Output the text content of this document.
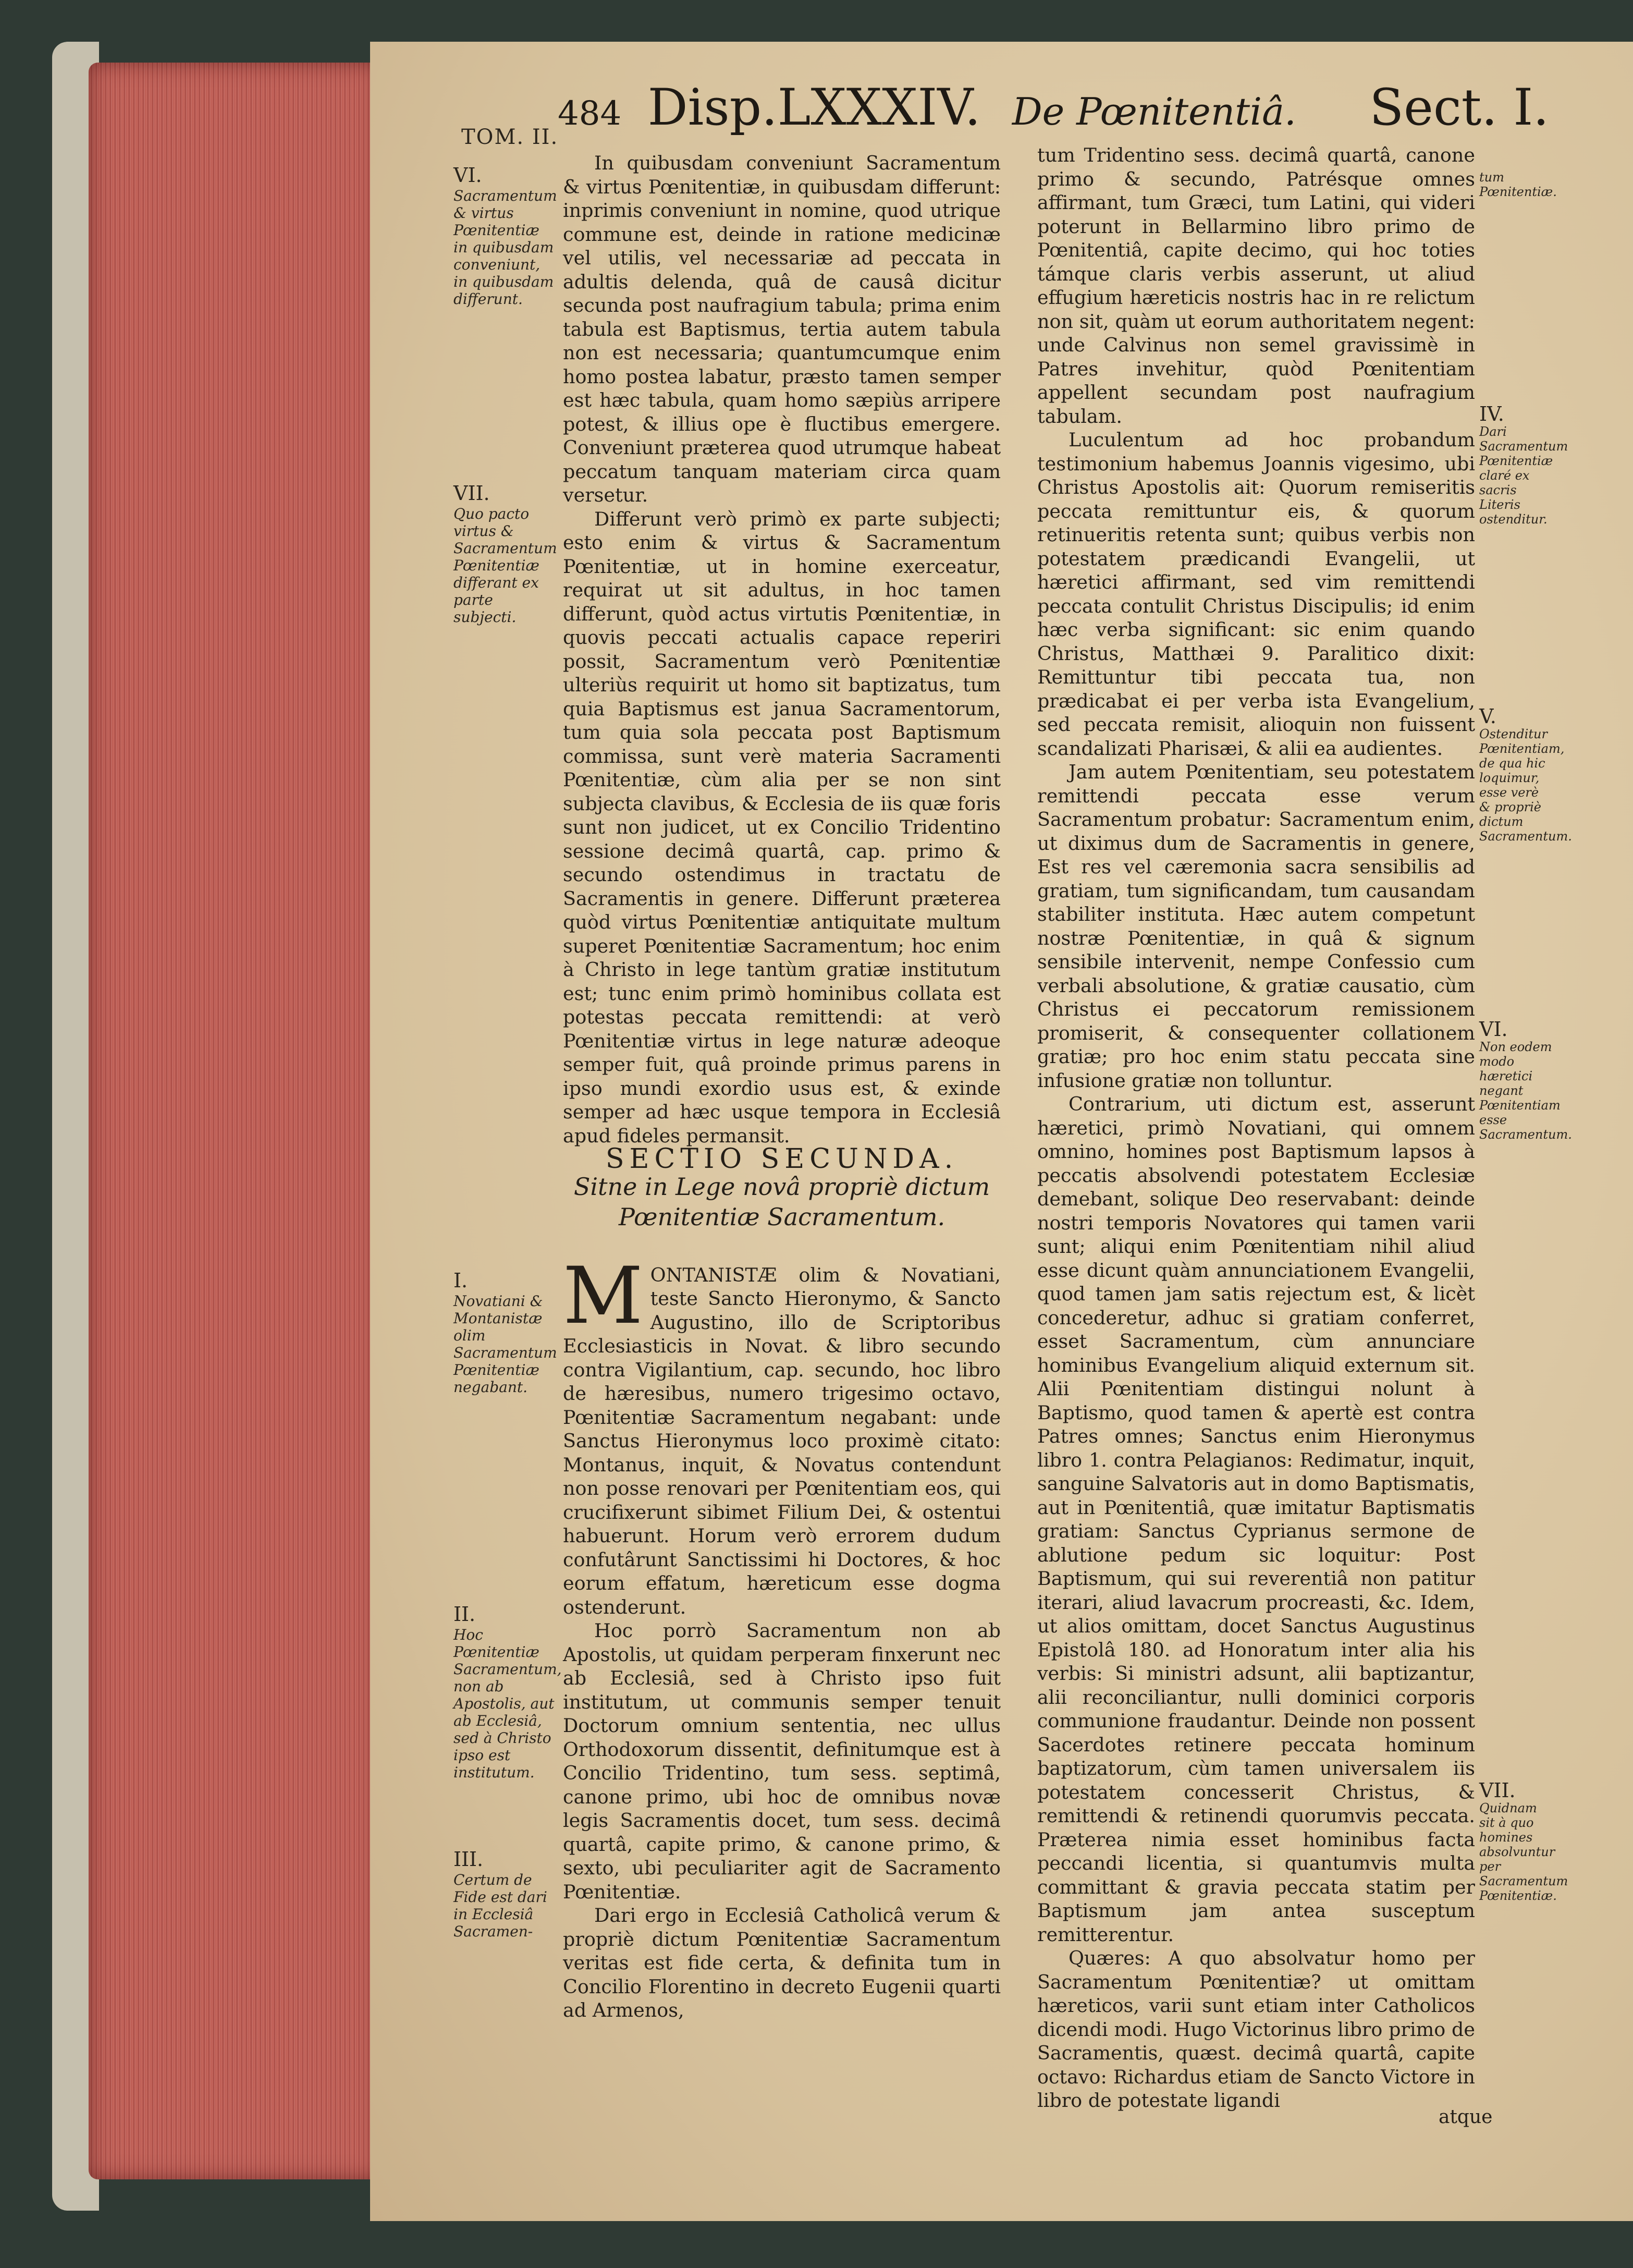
484 Disp.LXXXIV. De Pœnitentiâ. Sect. I.
TOM. II.
VI.
Sacramentum & virtus Pœnitentiæ in quibusdam conveniunt, in quibusdam differunt.
VII.
Quo pacto virtus & Sacramentum Pœnitentiæ differant ex parte subjecti.
I.
Novatiani & Montanistæ olim Sacramentum Pœnitentiæ negabant.
II.
Hoc Pœnitentiæ Sacramentum, non ab Apostolis, aut ab Ecclesiâ, sed à Christo ipso est institutum.
III.
Certum de Fide est dari in Ecclesiâ Sacramen-

In quibusdam conveniunt Sacramentum & virtus Pœnitentiæ, in quibusdam differunt: inprimis conveniunt in nomine, quod utrique commune est, deinde in ratione medicinæ vel utilis, vel necessariæ ad peccata in adultis delenda, quâ de causâ dicitur secunda post naufragium tabula; prima enim tabula est Baptismus, tertia autem tabula non est necessaria; quantumcumque enim homo postea labatur, præsto tamen semper est hæc tabula, quam homo sæpiùs arripere potest, & illius ope è fluctibus emergere. Conveniunt præterea quod utrumque habeat peccatum tanquam materiam circa quam versetur.

Differunt verò primò ex parte subjecti; esto enim & virtus & Sacramentum Pœnitentiæ, ut in homine exerceatur, requirat ut sit adultus, in hoc tamen differunt, quòd actus virtutis Pœnitentiæ, in quovis peccati actualis capace reperiri possit, Sacramentum verò Pœnitentiæ ulteriùs requirit ut homo sit baptizatus, tum quia Baptismus est janua Sacramentorum, tum quia sola peccata post Baptismum commissa, sunt verè materia Sacramenti Pœnitentiæ, cùm alia per se non sint subjecta clavibus, & Ecclesia de iis quæ foris sunt non judicet, ut ex Concilio Tridentino sessione decimâ quartâ, cap. primo & secundo ostendimus in tractatu de Sacramentis in genere. Differunt præterea quòd virtus Pœnitentiæ antiquitate multum superet Pœnitentiæ Sacramentum; hoc enim à Christo in lege tantùm gratiæ institutum est; tunc enim primò hominibus collata est potestas peccata remittendi: at verò Pœnitentiæ virtus in lege naturæ adeoque semper fuit, quâ proinde primus parens in ipso mundi exordio usus est, & exinde semper ad hæc usque tempora in Ecclesiâ apud fideles permansit.

SECTIO SECUNDA.

Sitne in Lege novâ propriè dictum
Pœnitentiæ Sacramentum.

M ONTANISTÆ olim & Novatiani, teste Sancto Hieronymo, & Sancto Augustino, illo de Scriptoribus Ecclesiasticis in Novat. & libro secundo contra Vigilantium, cap. secundo, hoc libro de hæresibus, numero trigesimo octavo, Pœnitentiæ Sacramentum negabant: unde Sanctus Hieronymus loco proximè citato: Montanus, inquit, & Novatus contendunt non posse renovari per Pœnitentiam eos, qui crucifixerunt sibimet Filium Dei, & ostentui habuerunt. Horum verò errorem dudum confutârunt Sanctissimi hi Doctores, & hoc eorum effatum, hæreticum esse dogma ostenderunt.

Hoc porrò Sacramentum non ab Apostolis, ut quidam perperam finxerunt nec ab Ecclesiâ, sed à Christo ipso fuit institutum, ut communis semper tenuit Doctorum omnium sententia, nec ullus Orthodoxorum dissentit, definitumque est à Concilio Tridentino, tum sess. septimâ, canone primo, ubi hoc de omnibus novæ legis Sacramentis docet, tum sess. decimâ quartâ, capite primo, & canone primo, & sexto, ubi peculiariter agit de Sacramento Pœnitentiæ.

Dari ergo in Ecclesiâ Catholicâ verum & propriè dictum Pœnitentiæ Sacramentum veritas est fide certa, & definita tum in Concilio Florentino in decreto Eugenii quarti ad Armenos,

tum Tridentino sess. decimâ quartâ, canone primo & secundo, Patrésque omnes affirmant, tum Græci, tum Latini, qui videri poterunt in Bellarmino libro primo de Pœnitentiâ, capite decimo, qui hoc toties támque claris verbis asserunt, ut aliud effugium hæreticis nostris hac in re relictum non sit, quàm ut eorum authoritatem negent: unde Calvinus non semel gravissimè in Patres invehitur, quòd Pœnitentiam appellent secundam post naufragium tabulam.

Luculentum ad hoc probandum testimonium habemus Joannis vigesimo, ubi Christus Apostolis ait: Quorum remiseritis peccata remittuntur eis, & quorum retinueritis retenta sunt; quibus verbis non potestatem prædicandi Evangelii, ut hæretici affirmant, sed vim remittendi peccata contulit Christus Discipulis; id enim hæc verba significant: sic enim quando Christus, Matthæi 9. Paralitico dixit: Remittuntur tibi peccata tua, non prædicabat ei per verba ista Evangelium, sed peccata remisit, alioquin non fuissent scandalizati Pharisæi, & alii ea audientes.

Jam autem Pœnitentiam, seu potestatem remittendi peccata esse verum Sacramentum probatur: Sacramentum enim, ut diximus dum de Sacramentis in genere, Est res vel cæremonia sacra sensibilis ad gratiam, tum significandam, tum causandam stabiliter instituta. Hæc autem competunt nostræ Pœnitentiæ, in quâ & signum sensibile intervenit, nempe Confessio cum verbali absolutione, & gratiæ causatio, cùm Christus ei peccatorum remissionem promiserit, & consequenter collationem gratiæ; pro hoc enim statu peccata sine infusione gratiæ non tolluntur.

Contrarium, uti dictum est, asserunt hæretici, primò Novatiani, qui omnem omnino, homines post Baptismum lapsos à peccatis absolvendi potestatem Ecclesiæ demebant, solique Deo reservabant: deinde nostri temporis Novatores qui tamen varii sunt; aliqui enim Pœnitentiam nihil aliud esse dicunt quàm annunciationem Evangelii, quod tamen jam satis rejectum est, & licèt concederetur, adhuc si gratiam conferret, esset Sacramentum, cùm annunciare hominibus Evangelium aliquid externum sit. Alii Pœnitentiam distingui nolunt à Baptismo, quod tamen & apertè est contra Patres omnes; Sanctus enim Hieronymus libro 1. contra Pelagianos: Redimatur, inquit, sanguine Salvatoris aut in domo Baptismatis, aut in Pœnitentiâ, quæ imitatur Baptismatis gratiam: Sanctus Cyprianus sermone de ablutione pedum sic loquitur: Post Baptismum, qui sui reverentiâ non patitur iterari, aliud lavacrum procreasti, &c. Idem, ut alios omittam, docet Sanctus Augustinus Epistolâ 180. ad Honoratum inter alia his verbis: Si ministri adsunt, alii baptizantur, alii reconciliantur, nulli dominici corporis communione fraudantur. Deinde non possent Sacerdotes retinere peccata hominum baptizatorum, cùm tamen universalem iis potestatem concesserit Christus, & remittendi & retinendi quorumvis peccata. Præterea nimia esset hominibus facta peccandi licentia, si quantumvis multa committant & gravia peccata statim per Baptismum jam antea susceptum remitterentur.

Quæres: A quo absolvatur homo per Sacramentum Pœnitentiæ? ut omittam hæreticos, varii sunt etiam inter Catholicos dicendi modi. Hugo Victorinus libro primo de Sacramentis, quæst. decimâ quartâ, capite octavo: Richardus etiam de Sancto Victore in libro de potestate ligandi

atque
tum Pœnitentiæ.
IV.
Dari Sacramentum Pœnitentiæ claré ex sacris Literis ostenditur.
V.
Ostenditur Pœnitentiam, de qua hic loquimur, esse verè & propriè dictum Sacramentum.
VI.
Non eodem modo hæretici negant Pœnitentiam esse Sacramentum.
VII.
Quidnam sit à quo homines absolvuntur per Sacramentum Pœnitentiæ.
